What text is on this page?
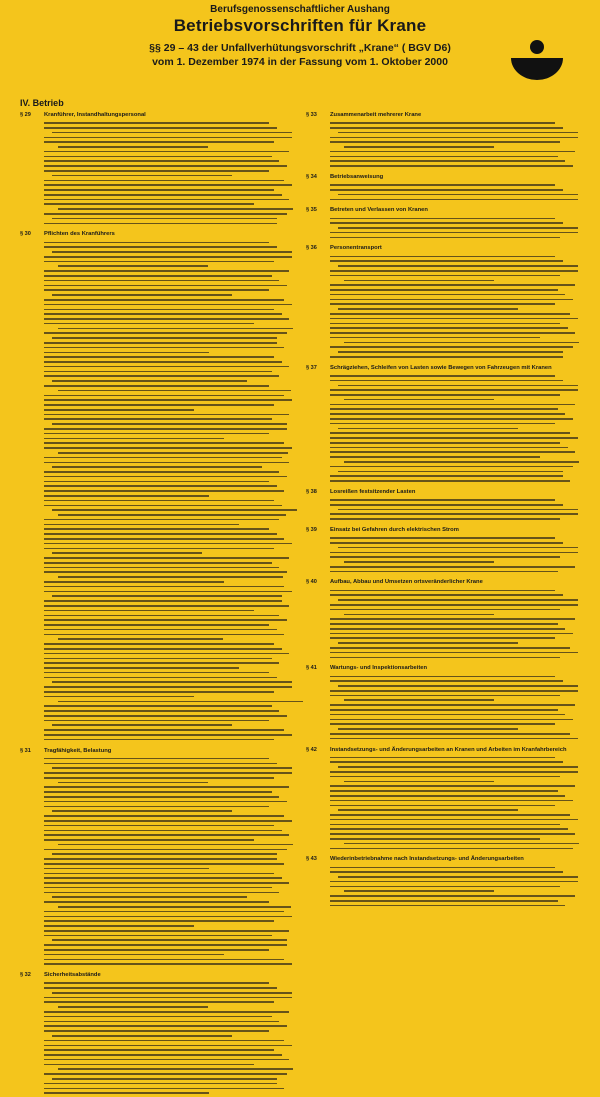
Berufsgenossenschaftlicher Aushang
Betriebsvorschriften für Krane
§§ 29 – 43 der Unfallverhütungsvorschrift „Krane“ ( BGV D6)
vom 1. Dezember 1974 in der Fassung vom 1. Oktober 2000
IV. Betrieb
§ 29	Kranführer, Instandhaltungspersonal
§ 30	Pflichten des Kranführers
§ 31	Tragfähigkeit, Belastung
§ 32	Sicherheitsabstände
§ 33	Zusammenarbeit mehrerer Krane
§ 34	Betriebsanweisung
§ 35	Betreten und Verlassen von Kranen
§ 36	Personentransport
§ 37	Schrägziehen, Schleifen von Lasten sowie Bewegen von Fahrzeugen mit Kranen
§ 38	Losreißen festsitzender Lasten
§ 39	Einsatz bei Gefahren durch elektrischen Strom
§ 40	Aufbau, Abbau und Umsetzen ortsveränderlicher Krane
§ 41	Wartungs- und Inspektionsarbeiten
§ 42	Instandsetzungs- und Änderungsarbeiten an Kranen und Arbeiten im Kranfahrbereich
§ 43	Wiederinbetriebnahme nach Instandsetzungs- und Änderungsarbeiten
